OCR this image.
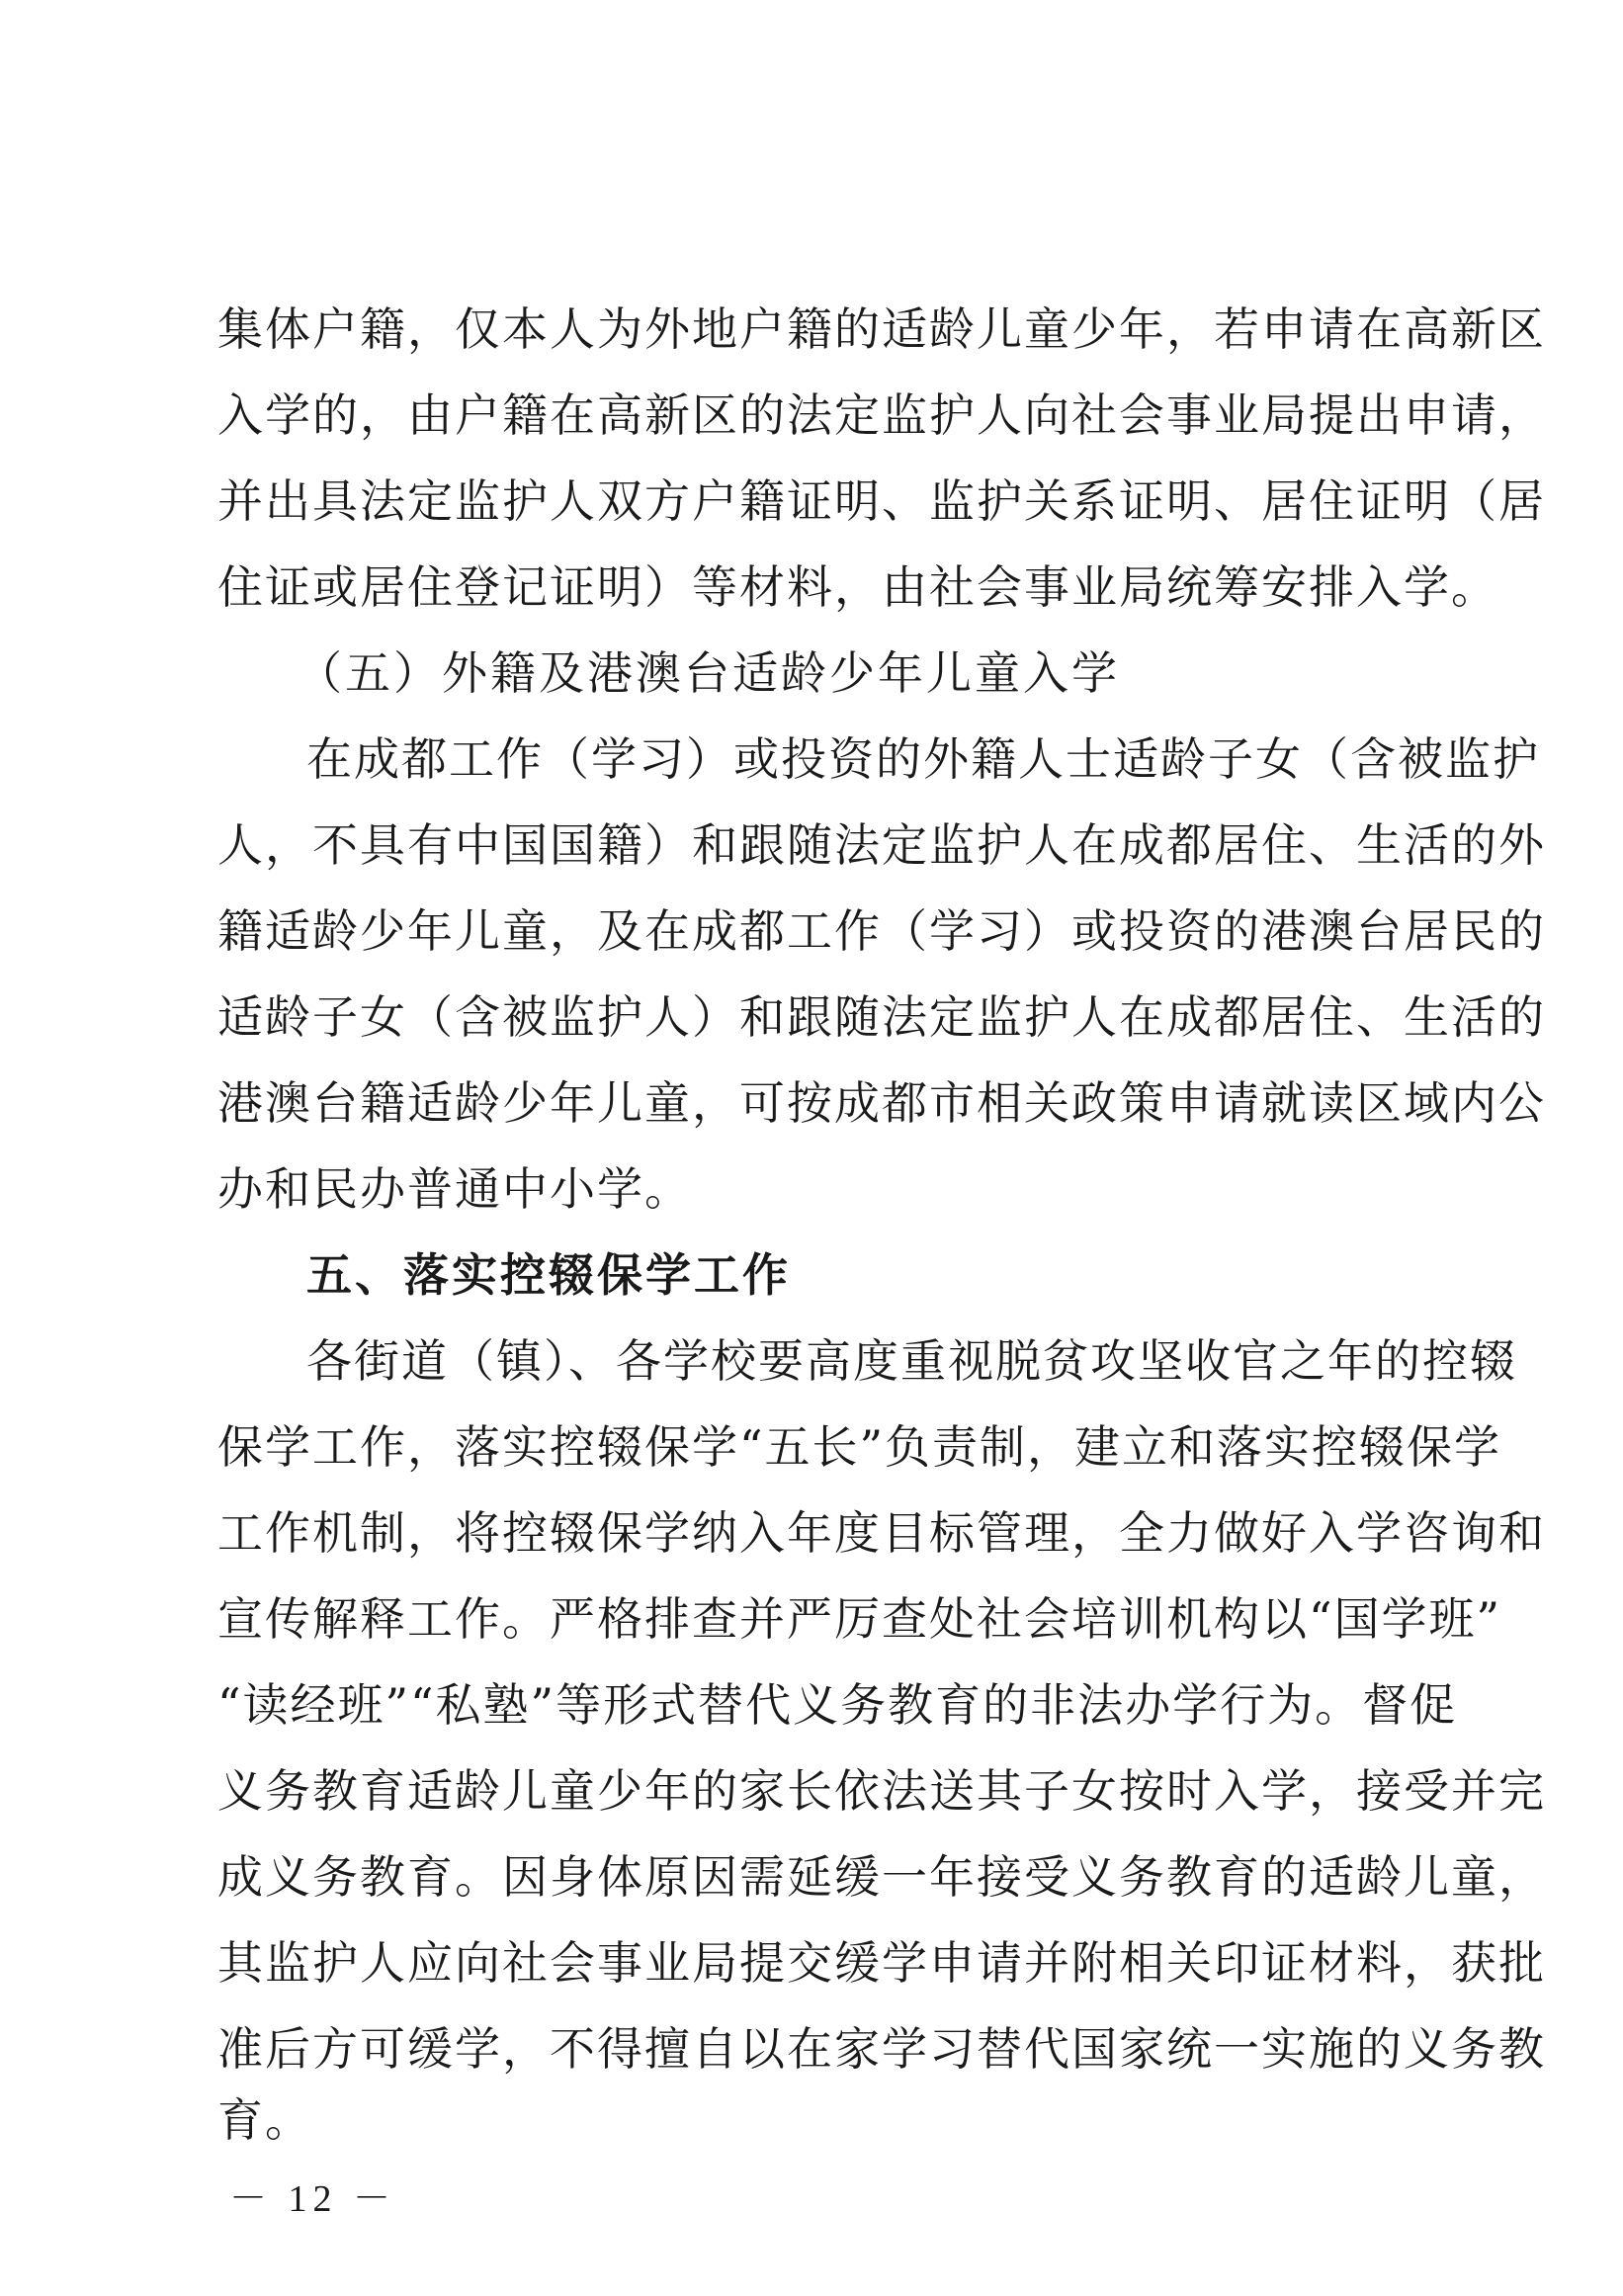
集体户籍，仅本人为外地户籍的适龄儿童少年，若申请在高新区
入学的，由户籍在高新区的法定监护人向社会事业局提出申请，
并出具法定监护人双方户籍证明、监护关系证明、居住证明（居
住证或居住登记证明）等材料，由社会事业局统筹安排入学。
（五）外籍及港澳台适龄少年儿童入学
在成都工作（学习）或投资的外籍人士适龄子女（含被监护
人，不具有中国国籍）和跟随法定监护人在成都居住、生活的外
籍适龄少年儿童，及在成都工作（学习）或投资的港澳台居民的
适龄子女（含被监护人）和跟随法定监护人在成都居住、生活的
港澳台籍适龄少年儿童，可按成都市相关政策申请就读区域内公
办和民办普通中小学。
五、落实控辍保学工作
各街道（镇）、各学校要高度重视脱贫攻坚收官之年的控辍
保学工作，落实控辍保学“五长”负责制，建立和落实控辍保学
工作机制，将控辍保学纳入年度目标管理，全力做好入学咨询和
宣传解释工作。严格排查并严厉查处社会培训机构以“国学班”
“读经班”“私塾”等形式替代义务教育的非法办学行为。督促
义务教育适龄儿童少年的家长依法送其子女按时入学，接受并完
成义务教育。因身体原因需延缓一年接受义务教育的适龄儿童，
其监护人应向社会事业局提交缓学申请并附相关印证材料，获批
准后方可缓学，不得擅自以在家学习替代国家统一实施的义务教
育。
－ 12 －
